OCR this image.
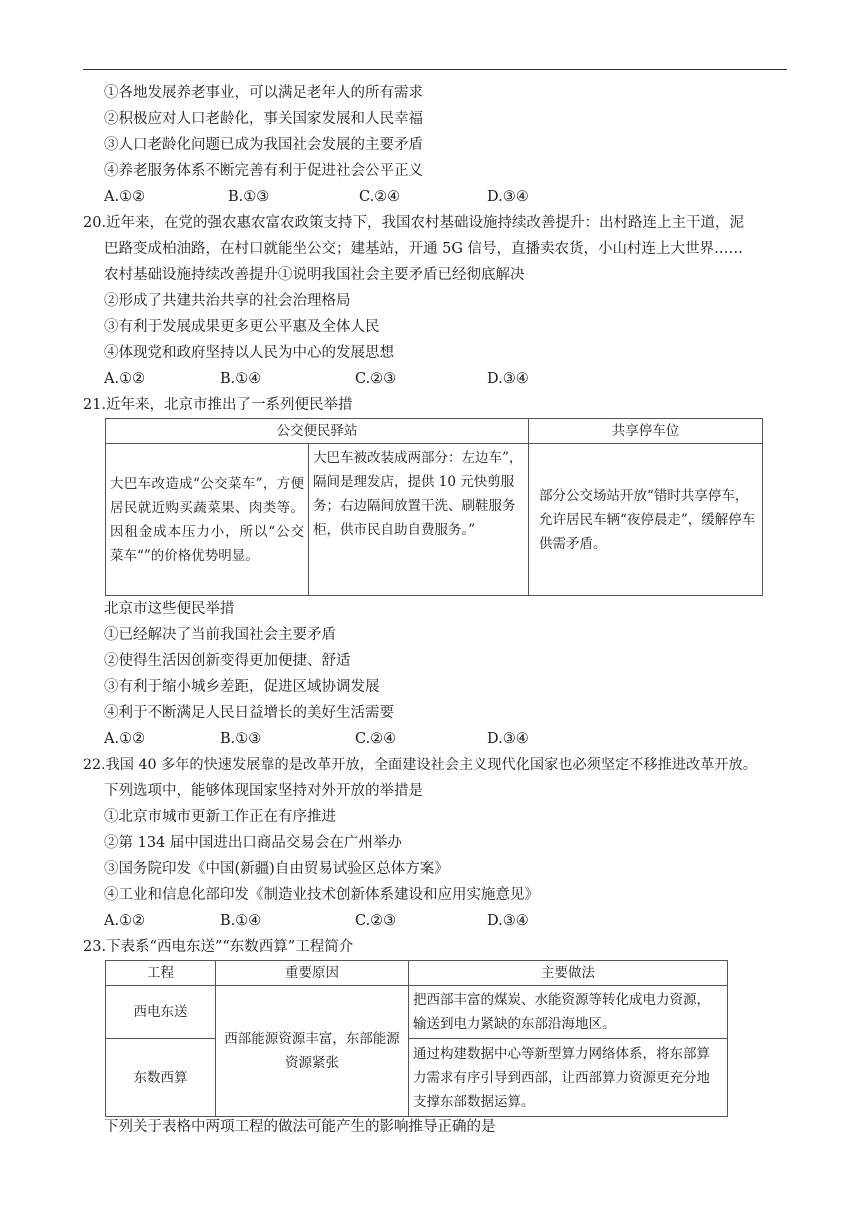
①各地发展养老事业，可以满足老年人的所有需求
②积极应对人口老龄化，事关国家发展和人民幸福
③人口老龄化问题已成为我国社会发展的主要矛盾
④养老服务体系不断完善有利于促进社会公平正义
A.①②	B.①③	C.②④	D.③④
20.近年来，在党的强农惠农富农政策支持下，我国农村基础设施持续改善提升：出村路连上主干道，泥
巴路变成柏油路，在村口就能坐公交；建基站，开通 5G 信号，直播卖农货，小山村连上大世界……
农村基础设施持续改善提升①说明我国社会主要矛盾已经彻底解决
②形成了共建共治共享的社会治理格局
③有利于发展成果更多更公平惠及全体人民
④体现党和政府坚持以人民为中心的发展思想
A.①②	B.①④	C.②③	D.③④
21.近年来，北京市推出了一系列便民举措
公交便民驿站		共享停车位
大巴车改造成“公交菜车”，方便居民就近购买蔬菜果、肉类等。因租金成本压力小，所以“公交菜车“”的价格优势明显。	大巴车被改装成两部分：左边车”，隔间是理发店，提供 10 元快剪服务；右边隔间放置干洗、刷鞋服务柜，供市民自助自费服务。”	部分公交场站开放“错时共享停车，允许居民车辆“夜停晨走”，缓解停车供需矛盾。
北京市这些便民举措
①已经解决了当前我国社会主要矛盾
②使得生活因创新变得更加便捷、舒适
③有利于缩小城乡差距，促进区域协调发展
④利于不断满足人民日益增长的美好生活需要
A.①②	B.①③	C.②④	D.③④
22.我国 40 多年的快速发展靠的是改革开放，全面建设社会主义现代化国家也必须坚定不移推进改革开放。
下列选项中，能够体现国家坚持对外开放的举措是
①北京市城市更新工作正在有序推进
②第 134 届中国进出口商品交易会在广州举办
③国务院印发《中国(新疆)自由贸易试验区总体方案》
④工业和信息化部印发《制造业技术创新体系建设和应用实施意见》
A.①②	B.①④	C.②③	D.③④
23.下表系“西电东送”“东数西算”工程简介
工程	重要原因	主要做法
西电东送	西部能源资源丰富，东部能源资源紧张	把西部丰富的煤炭、水能资源等转化成电力资源，输送到电力紧缺的东部沿海地区。
东数西算		通过构建数据中心等新型算力网络体系，将东部算力需求有序引导到西部，让西部算力资源更充分地支撑东部数据运算。
下列关于表格中两项工程的做法可能产生的影响推导正确的是
